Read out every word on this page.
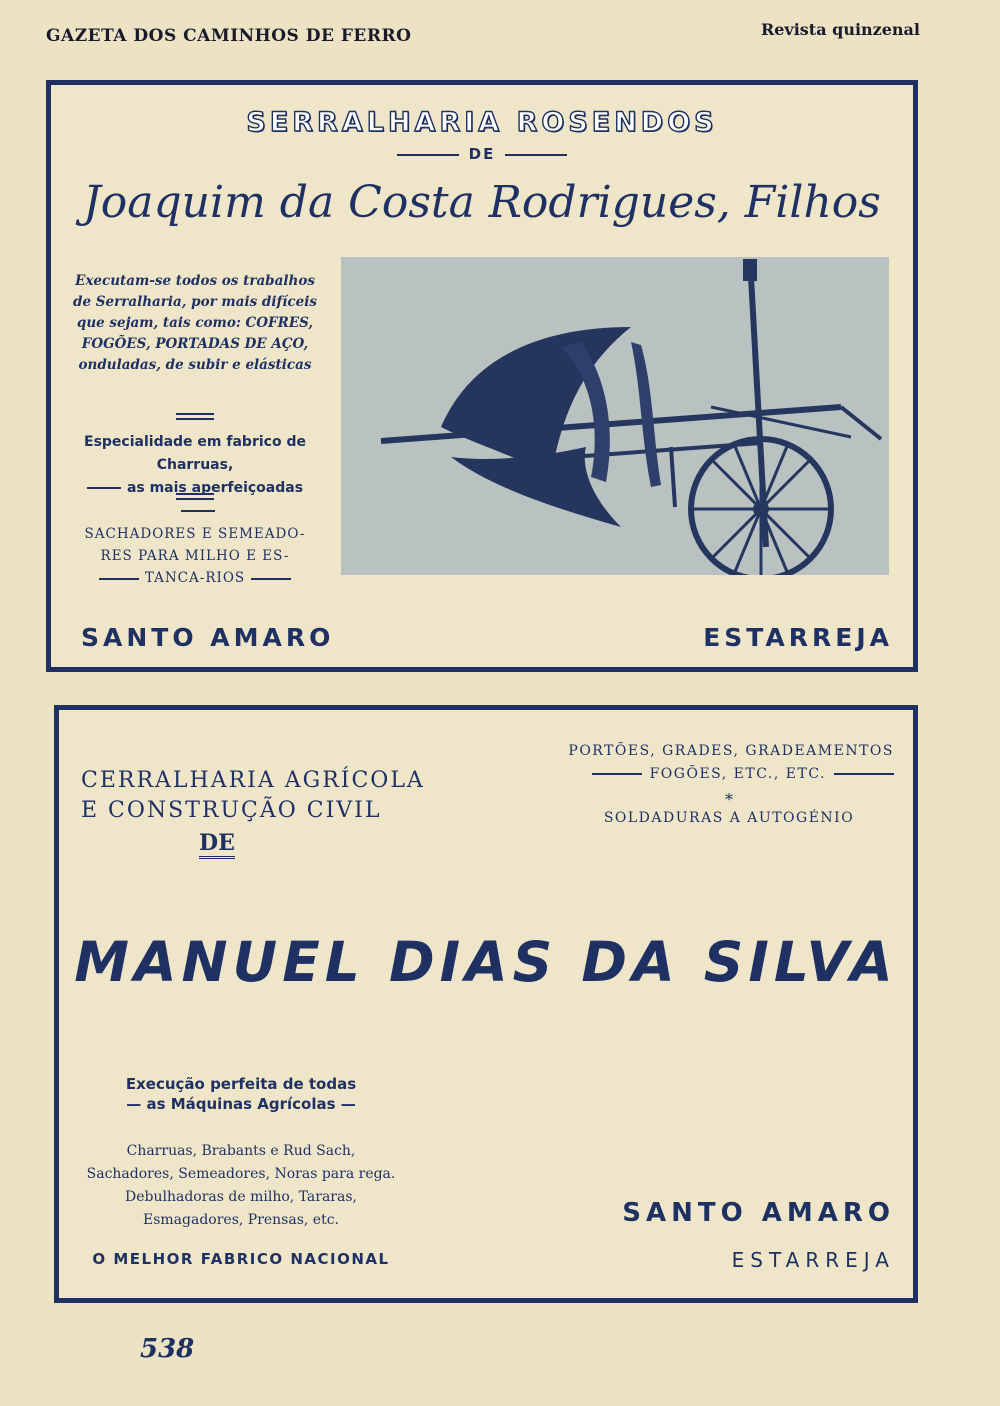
GAZETA DOS CAMINHOS DE FERRO	Revista quinzenal
SERRALHARIA ROSENDOS
DE
Joaquim da Costa Rodrigues, Filhos
Executam-se todos os trabalhos de Serralharia, por mais difíceis que sejam, tais como: COFRES, FOGÕES, PORTADAS DE AÇO, onduladas, de subir e elásticas
Especialidade em fabrico de Charruas,
as mais aperfeiçoadas
SACHADORES E SEMEADO-
RES PARA MILHO E ES-
TANCA-RIOS
SANTO AMARO	ESTARREJA
CERRALHARIA AGRÍCOLA
E CONSTRUÇÃO CIVIL
PORTÕES, GRADES, GRADEAMENTOS
FOGÕES, ETC., ETC.
*
SOLDADURAS A AUTOGÉNIO
DE
MANUEL DIAS DA SILVA
Execução perfeita de todas
— as Máquinas Agrícolas —
Charruas, Brabants e Rud Sach, Sachadores, Semeadores, Noras para rega. Debulhadoras de milho, Tararas, Esmagadores, Prensas, etc.
O MELHOR FABRICO NACIONAL
SANTO AMARO
ESTARREJA
538
